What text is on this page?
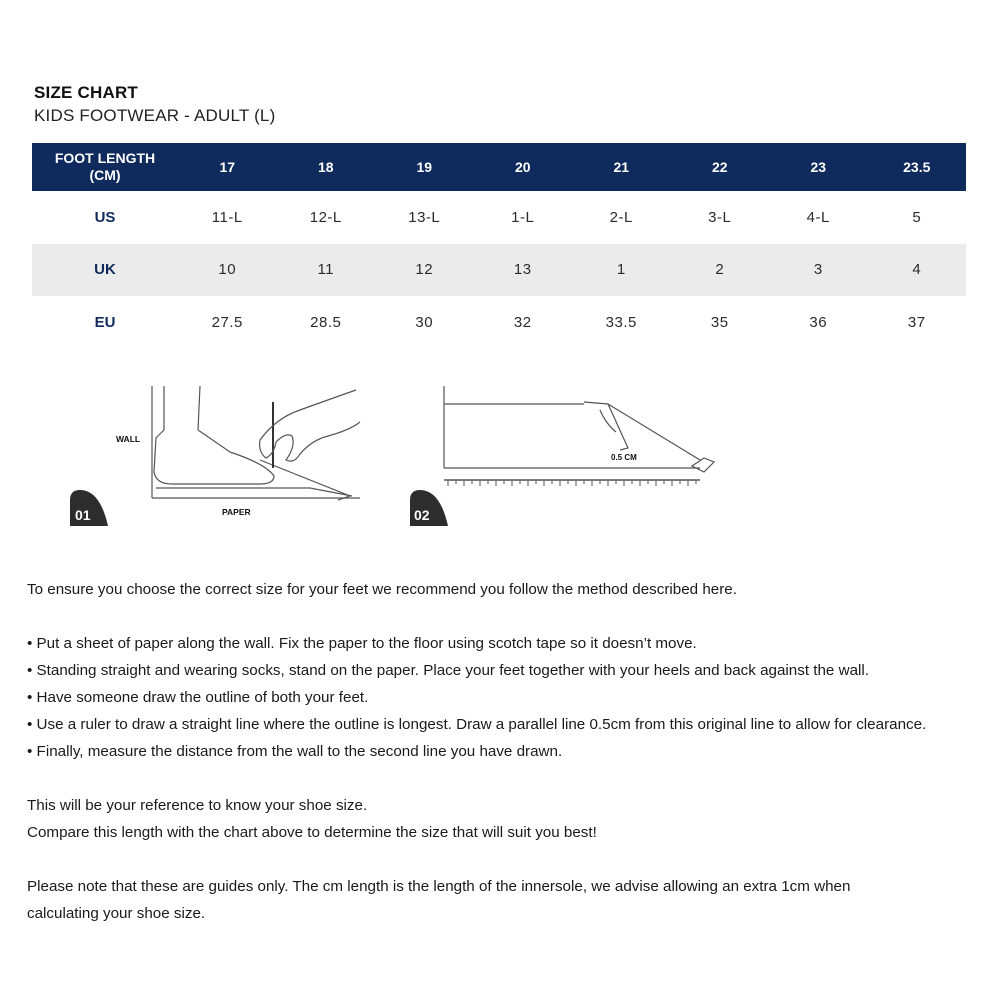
SIZE CHART
KIDS FOOTWEAR - ADULT (L)
FOOT LENGTH
(CM)	17	18	19	20	21	22	23	23.5
US	11-L	12-L	13-L	1-L	2-L	3-L	4-L	5
UK	10	11	12	13	1	2	3	4
EU	27.5	28.5	30	32	33.5	35	36	37
WALL
PAPER
01
0.5 CM
02
To ensure you choose the correct size for your feet we recommend you follow the method described here.
• Put a sheet of paper along the wall. Fix the paper to the floor using scotch tape so it doesn’t move.
• Standing straight and wearing socks, stand on the paper. Place your feet together with your heels and back against the wall.
• Have someone draw the outline of both your feet.
• Use a ruler to draw a straight line where the outline is longest. Draw a parallel line 0.5cm from this original line to allow for clearance.
• Finally, measure the distance from the wall to the second line you have drawn.
This will be your reference to know your shoe size.
Compare this length with the chart above to determine the size that will suit you best!
Please note that these are guides only. The cm length is the length of the innersole, we advise allowing an extra 1cm when
calculating your shoe size.
